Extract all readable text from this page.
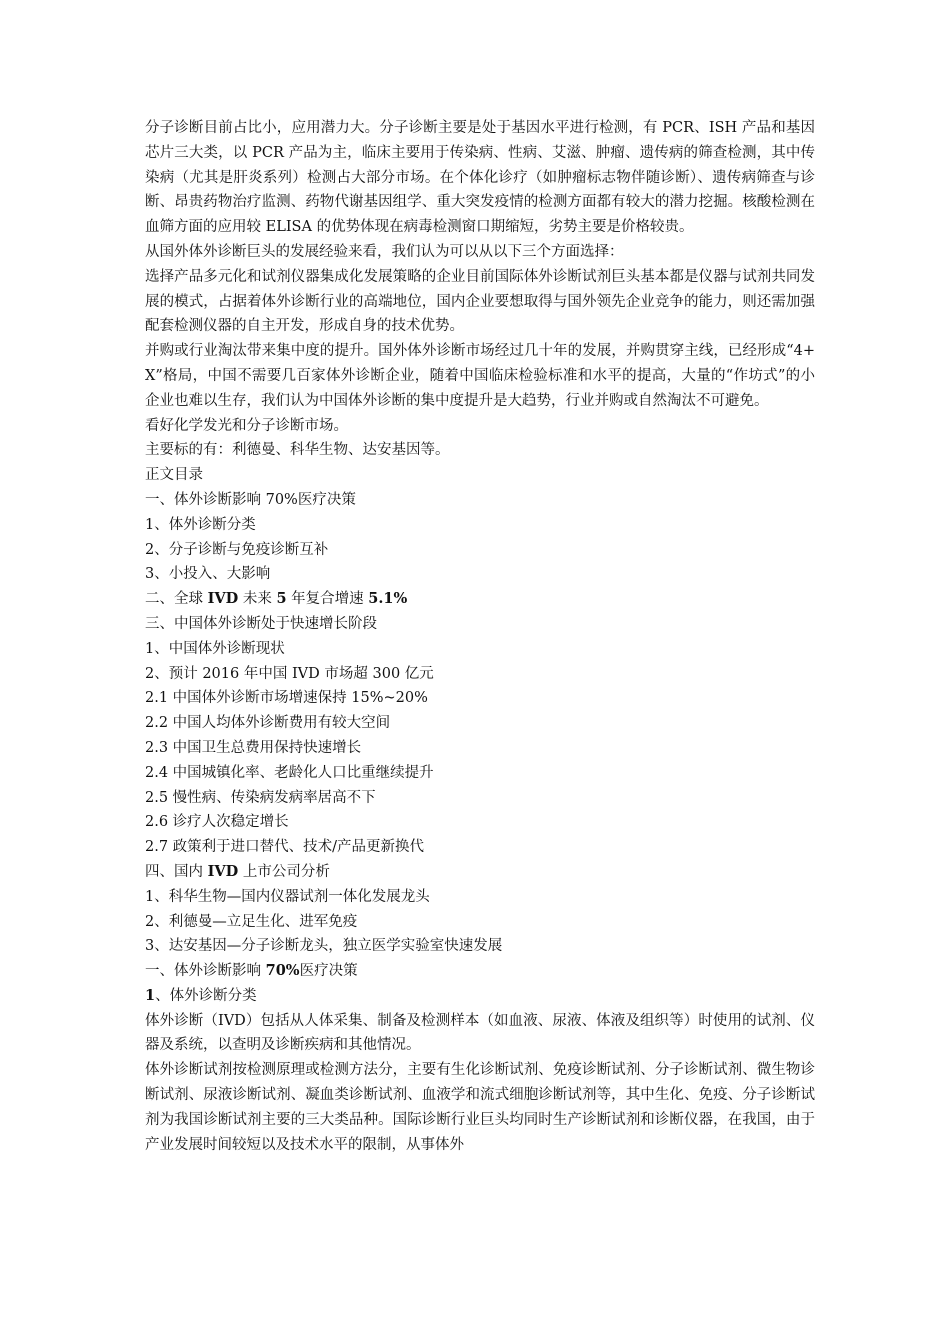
分子诊断目前占比小，应用潜力大。分子诊断主要是处于基因水平进行检测，有 PCR、ISH 产品和基因芯片三大类，以 PCR 产品为主，临床主要用于传染病、性病、艾滋、肿瘤、遗传病的筛查检测，其中传染病（尤其是肝炎系列）检测占大部分市场。在个体化诊疗（如肿瘤标志物伴随诊断）、遗传病筛查与诊断、昂贵药物治疗监测、药物代谢基因组学、重大突发疫情的检测方面都有较大的潜力挖掘。核酸检测在血筛方面的应用较 ELISA 的优势体现在病毒检测窗口期缩短，劣势主要是价格较贵。

从国外体外诊断巨头的发展经验来看，我们认为可以从以下三个方面选择：

选择产品多元化和试剂仪器集成化发展策略的企业目前国际体外诊断试剂巨头基本都是仪器与试剂共同发展的模式，占据着体外诊断行业的高端地位，国内企业要想取得与国外领先企业竞争的能力，则还需加强配套检测仪器的自主开发，形成自身的技术优势。

并购或行业淘汰带来集中度的提升。国外体外诊断市场经过几十年的发展，并购贯穿主线，已经形成“4+X”格局，中国不需要几百家体外诊断企业，随着中国临床检验标准和水平的提高，大量的“作坊式”的小企业也难以生存，我们认为中国体外诊断的集中度提升是大趋势，行业并购或自然淘汰不可避免。

看好化学发光和分子诊断市场。

主要标的有：利德曼、科华生物、达安基因等。

正文目录

一、体外诊断影响 70%医疗决策

1、体外诊断分类

2、分子诊断与免疫诊断互补

3、小投入、大影响

二、全球 IVD 未来 5 年复合增速 5.1%

三、中国体外诊断处于快速增长阶段

1、中国体外诊断现状

2、预计 2016 年中国 IVD 市场超 300 亿元

2.1 中国体外诊断市场增速保持 15%~20%

2.2 中国人均体外诊断费用有较大空间

2.3 中国卫生总费用保持快速增长

2.4 中国城镇化率、老龄化人口比重继续提升

2.5 慢性病、传染病发病率居高不下

2.6 诊疗人次稳定增长

2.7 政策利于进口替代、技术/产品更新换代

四、国内 IVD 上市公司分析

1、科华生物—国内仪器试剂一体化发展龙头

2、利德曼—立足生化、进军免疫

3、达安基因—分子诊断龙头，独立医学实验室快速发展

一、体外诊断影响 70%医疗决策

1、体外诊断分类

体外诊断（IVD）包括从人体采集、制备及检测样本（如血液、尿液、体液及组织等）时使用的试剂、仪器及系统，以查明及诊断疾病和其他情况。

体外诊断试剂按检测原理或检测方法分，主要有生化诊断试剂、免疫诊断试剂、分子诊断试剂、微生物诊断试剂、尿液诊断试剂、凝血类诊断试剂、血液学和流式细胞诊断试剂等，其中生化、免疫、分子诊断试剂为我国诊断试剂主要的三大类品种。国际诊断行业巨头均同时生产诊断试剂和诊断仪器，在我国，由于产业发展时间较短以及技术水平的限制，从事体外
